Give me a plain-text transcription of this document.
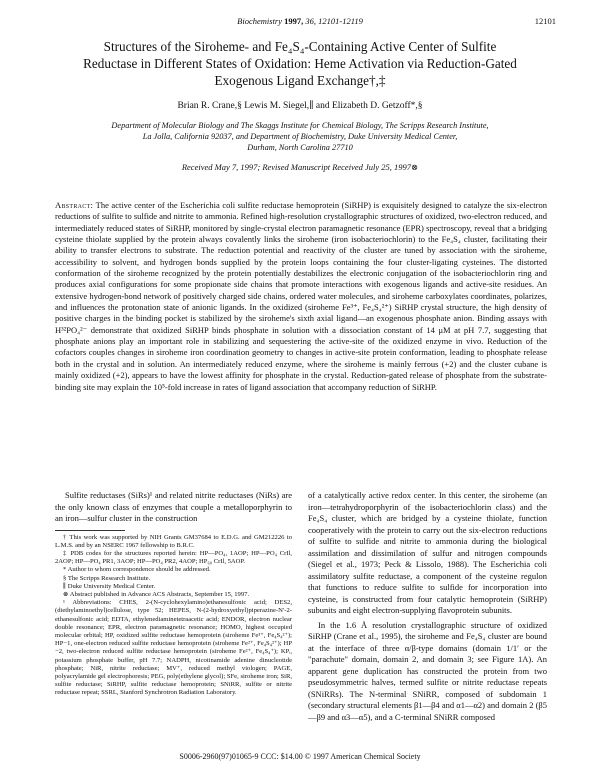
Biochemistry 1997, 36, 12101-12119	12101
Structures of the Siroheme- and Fe₄S₄-Containing Active Center of Sulfite
Reductase in Different States of Oxidation: Heme Activation via Reduction-Gated
Exogenous Ligand Exchange†,‡
Brian R. Crane,§ Lewis M. Siegel,∥ and Elizabeth D. Getzoff*,§
Department of Molecular Biology and The Skaggs Institute for Chemical Biology, The Scripps Research Institute,
La Jolla, California 92037, and Department of Biochemistry, Duke University Medical Center,
Durham, North Carolina 27710
Received May 7, 1997; Revised Manuscript Received July 25, 1997⊗
Abstract: The active center of the Escherichia coli sulfite reductase hemoprotein (SiRHP) is exquisitely designed to catalyze the six-electron reductions of sulfite to sulfide and nitrite to ammonia. Refined high-resolution crystallographic structures of oxidized, two-electron reduced, and intermediately reduced states of SiRHP, monitored by single-crystal electron paramagnetic resonance (EPR) spectroscopy, reveal that a bridging cysteine thiolate supplied by the protein always covalently links the siroheme (iron isobacteriochlorin) to the Fe₄S₄ cluster, facilitating their ability to transfer electrons to substrate. The reduction potential and reactivity of the cluster are tuned by association with the siroheme, accessibility to solvent, and hydrogen bonds supplied by the protein loops containing the four cluster-ligating cysteines. The distorted conformation of the siroheme recognized by the protein potentially destabilizes the electronic conjugation of the isobacteriochlorin ring and produces axial configurations for some propionate side chains that promote interactions with exogenous ligands and active-site residues. An extensive hydrogen-bond network of positively charged side chains, ordered water molecules, and siroheme carboxylates coordinates, polarizes, and influences the protonation state of anionic ligands. In the oxidized (siroheme Fe³⁺, Fe₄S₄²⁺) SiRHP crystal structure, the high density of positive charges in the binding pocket is stabilized by the siroheme's sixth axial ligand—an exogenous phosphate anion. Binding assays with H³²PO₄²⁻ demonstrate that oxidized SiRHP binds phosphate in solution with a dissociation constant of 14 μM at pH 7.7, suggesting that phosphate anions play an important role in stabilizing and sequestering the active-site of the oxidized enzyme in vivo. Reduction of the cofactors couples changes in siroheme iron coordination geometry to changes in active-site protein conformation, leading to phosphate release both in the crystal and in solution. An intermediately reduced enzyme, where the siroheme is mainly ferrous (+2) and the cluster cubane is mainly oxidized (+2), appears to have the lowest affinity for phosphate in the crystal. Reduction-gated release of phosphate from the substrate-binding site may explain the 10⁵-fold increase in rates of ligand association that accompany reduction of SiRHP.

Sulfite reductases (SiRs)¹ and related nitrite reductases (NiRs) are the only known class of enzymes that couple a metalloporphyrin to an iron—sulfur cluster in the construction

† This work was supported by NIH Grants GM37684 to E.D.G. and GM212226 to L.M.S. and by an NSERC 1967 fellowship to B.R.C.
‡ PDB codes for the structures reported herein: HP—PO₄, 1AOP; HP—PO₄ CrIl, 2AOP; HP—PO₄ PR1, 3AOP; HP—PO₄ PR2, 4AOP; HP₆₀ CrIl, 5AOP.
* Author to whom correspondence should be addressed.
§ The Scripps Research Institute.
∥ Duke University Medical Center.
⊗ Abstract published in Advance ACS Abstracts, September 15, 1997.
¹ Abbreviations: CHES, 2-(N-cyclohexylamino)ethanesulfonic acid; DES2, (diethylaminoethyl)cellulose, type 52; HEPES, N-(2-hydroxyethyl)piperazine-N′-2-ethanesulfonic acid; EDTA, ethylenediaminetetraacetic acid; ENDOR, electron nuclear double resonance; EPR, electron paramagnetic resonance; HOMO, highest occupied molecular orbital; HP, oxidized sulfite reductase hemoprotein (siroheme Fe³⁺, Fe₄S₄²⁺); HP−1, one-electron reduced sulfite reductase hemoprotein (siroheme Fe²⁺, Fe₄S₄²⁺); HP −2, two-electron reduced sulfite reductase hemoprotein (siroheme Fe²⁺, Fe₄S₄⁺); KPᵢ, potassium phosphate buffer, pH 7.7; NADPH, nicotinamide adenine dinucleotide phosphate; NiR, nitrite reductase; MV⁺, reduced methyl viologen; PAGE, polyacrylamide gel electrophoresis; PEG, poly(ethylene glycol); SFe, siroheme iron; SiR, sulfite reductase; SiRHP, sulfite reductase hemoprotein; SNiRR, sulfite or nitrite reductase repeat; SSRL, Stanford Synchrotron Radiation Laboratory.

of a catalytically active redox center. In this center, the siroheme (an iron—tetrahydroporphyrin of the isobacteriochlorin class) and the Fe₄S₄ cluster, which are bridged by a cysteine thiolate, function cooperatively with the protein to carry out the six-electron reductions of sulfite to sulfide and nitrite to ammonia during the biological assimilation and dissimilation of sulfur and nitrogen compounds (Siegel et al., 1973; Peck & Lissolo, 1988). The Escherichia coli assimilatory sulfite reductase, a component of the cysteine regulon that functions to reduce sulfite to sulfide for incorporation into cysteine, is constructed from four catalytic hemoprotein (SiRHP) subunits and eight electron-supplying flavoprotein subunits.

In the 1.6 Å resolution crystallographic structure of oxidized SiRHP (Crane et al., 1995), the siroheme and Fe₄S₄ cluster are bound at the interface of three α/β-type domains (domain 1/1′ or the "parachute" domain, domain 2, and domain 3; see Figure 1A). An apparent gene duplication has constructed the protein from two pseudosymmetric halves, termed sulfite or nitrite reductase repeats (SNiRRs). The N-terminal SNiRR, composed of subdomain 1 (secondary structural elements β1—β4 and α1—α2) and domain 2 (β5—β9 and α3—α5), and a C-terminal SNiRR composed

S0006-2960(97)01065-9 CCC: $14.00 © 1997 American Chemical Society
